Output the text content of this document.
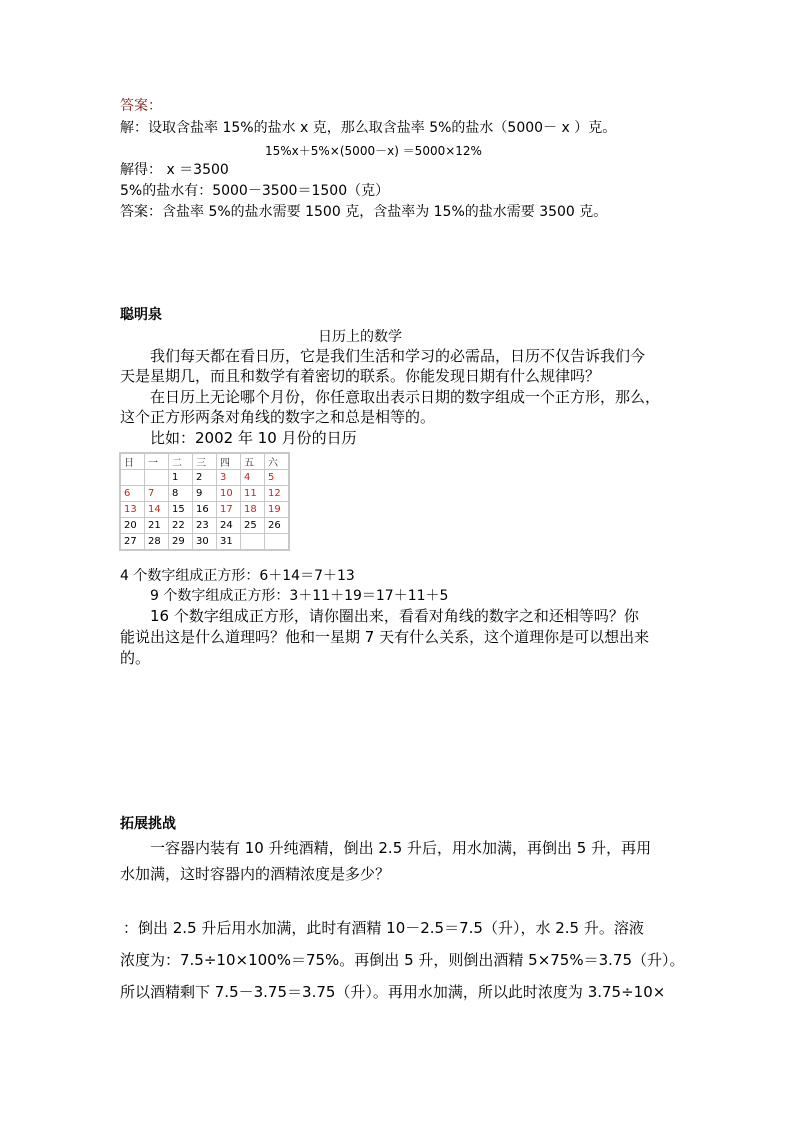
答案：
解：设取含盐率 15%的盐水 x 克，那么取含盐率 5%的盐水（5000－ x ）克。
15%x＋5%×(5000－x) ＝5000×12%
解得： x ＝3500
5%的盐水有：5000－3500＝1500（克）
答案：含盐率 5%的盐水需要 1500 克，含盐率为 15%的盐水需要 3500 克。
聪明泉
日历上的数学
我们每天都在看日历，它是我们生活和学习的必需品，日历不仅告诉我们今
天是星期几，而且和数学有着密切的联系。你能发现日期有什么规律吗？
在日历上无论哪个月份，你任意取出表示日期的数字组成一个正方形，那么，
这个正方形两条对角线的数字之和总是相等的。
比如：2002 年 10 月份的日历
日	一	二	三	四	五	六
		1	2	3	4	5
6	7	8	9	10	11	12
13	14	15	16	17	18	19
20	21	22	23	24	25	26
27	28	29	30	31		
4 个数字组成正方形：6＋14＝7＋13
9 个数字组成正方形：3＋11＋19＝17＋11＋5
16 个数字组成正方形，请你圈出来，看看对角线的数字之和还相等吗？你
能说出这是什么道理吗？他和一星期 7 天有什么关系，这个道理你是可以想出来
的。
拓展挑战
一容器内装有 10 升纯酒精，倒出 2.5 升后，用水加满，再倒出 5 升，再用
水加满，这时容器内的酒精浓度是多少？
：倒出 2.5 升后用水加满，此时有酒精 10－2.5＝7.5（升），水 2.5 升。溶液
浓度为：7.5÷10×100%＝75%。再倒出 5 升，则倒出酒精 5×75%＝3.75（升）。
所以酒精剩下 7.5－3.75＝3.75（升）。再用水加满，所以此时浓度为 3.75÷10×
